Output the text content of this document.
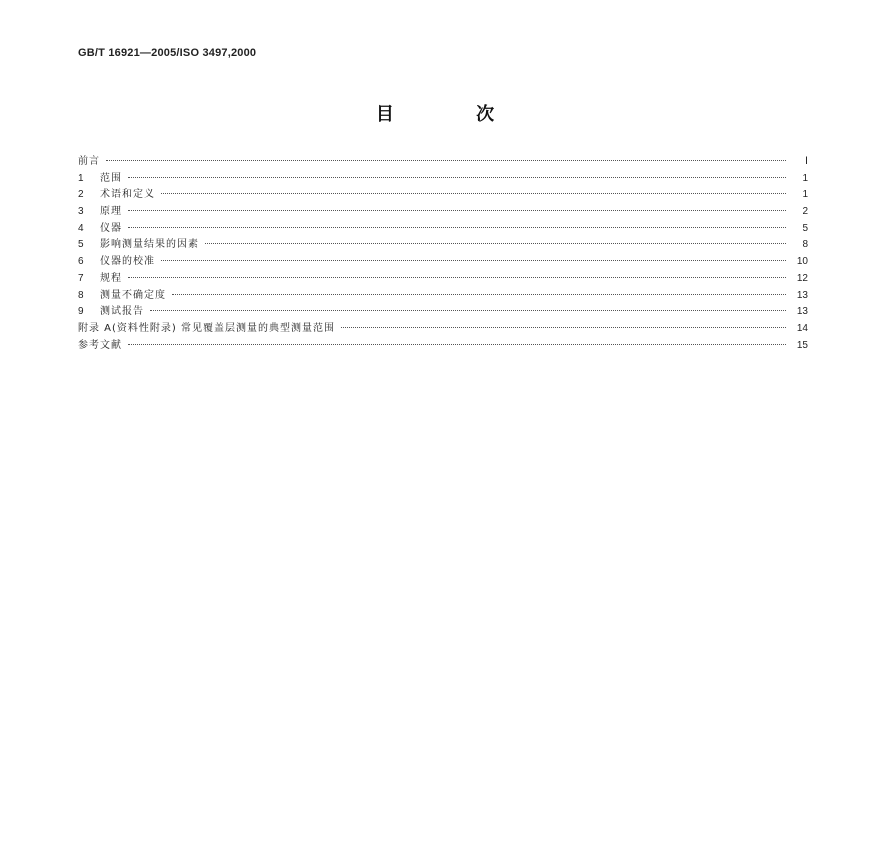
GB/T 16921—2005/ISO 3497,2000
目 次
前言	Ⅰ
1	范围	1
2	术语和定义	1
3	原理	2
4	仪器	5
5	影响测量结果的因素	8
6	仪器的校准	10
7	规程	12
8	测量不确定度	13
9	测试报告	13
附录 A(资料性附录) 常见覆盖层测量的典型测量范围	14
参考文献	15
